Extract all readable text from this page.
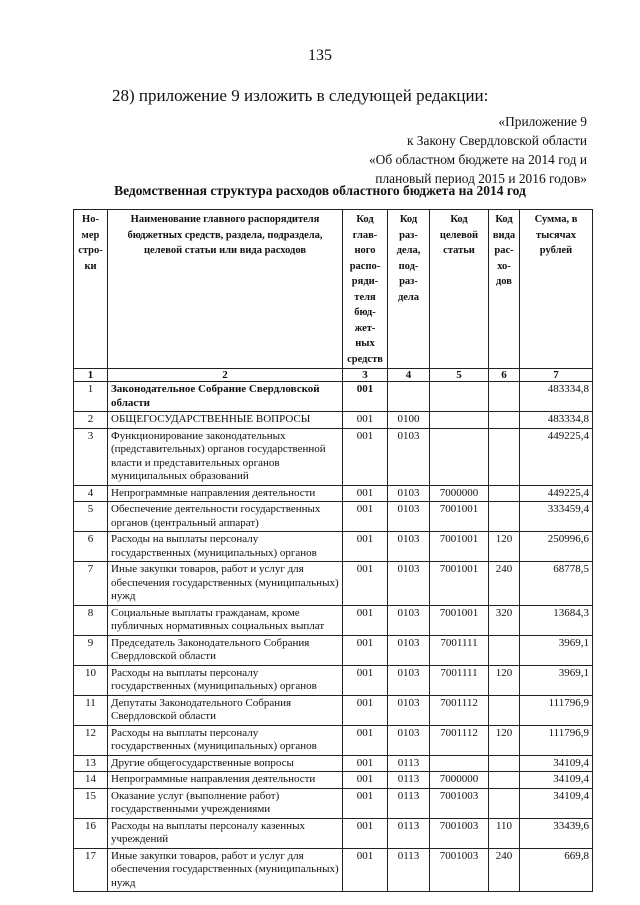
135
28) приложение 9 изложить в следующей редакции:
«Приложение 9
к Закону Свердловской области
«Об областном бюджете на 2014 год и
плановый период 2015 и 2016 годов»
Ведомственная структура расходов областного бюджета на 2014 год
Но-мер стро-ки	Наименование главного распорядителя бюджетных средств, раздела, подраздела, целевой статьи или вида расходов	Код глав-ного распо-ряди-теля бюд-жет-ных средств	Код раз-дела, под-раз-дела	Код целевой статьи	Код вида рас-хо-дов	Сумма, в тысячах рублей
1	2	3	4	5	6	7
1	Законодательное Собрание Свердловской области	001				483334,8
2	ОБЩЕГОСУДАРСТВЕННЫЕ ВОПРОСЫ	001	0100			483334,8
3	Функционирование законодательных (представительных) органов государственной власти и представительных органов муниципальных образований	001	0103			449225,4
4	Непрограммные направления деятельности	001	0103	7000000		449225,4
5	Обеспечение деятельности государственных органов (центральный аппарат)	001	0103	7001001		333459,4
6	Расходы на выплаты персоналу государственных (муниципальных) органов	001	0103	7001001	120	250996,6
7	Иные закупки товаров, работ и услуг для обеспечения государственных (муниципальных) нужд	001	0103	7001001	240	68778,5
8	Социальные выплаты гражданам, кроме публичных нормативных социальных выплат	001	0103	7001001	320	13684,3
9	Председатель Законодательного Собрания Свердловской области	001	0103	7001111		3969,1
10	Расходы на выплаты персоналу государственных (муниципальных) органов	001	0103	7001111	120	3969,1
11	Депутаты Законодательного Собрания Свердловской области	001	0103	7001112		111796,9
12	Расходы на выплаты персоналу государственных (муниципальных) органов	001	0103	7001112	120	111796,9
13	Другие общегосударственные вопросы	001	0113			34109,4
14	Непрограммные направления деятельности	001	0113	7000000		34109,4
15	Оказание услуг (выполнение работ) государственными учреждениями	001	0113	7001003		34109,4
16	Расходы на выплаты персоналу казенных учреждений	001	0113	7001003	110	33439,6
17	Иные закупки товаров, работ и услуг для обеспечения государственных (муниципальных) нужд	001	0113	7001003	240	669,8
